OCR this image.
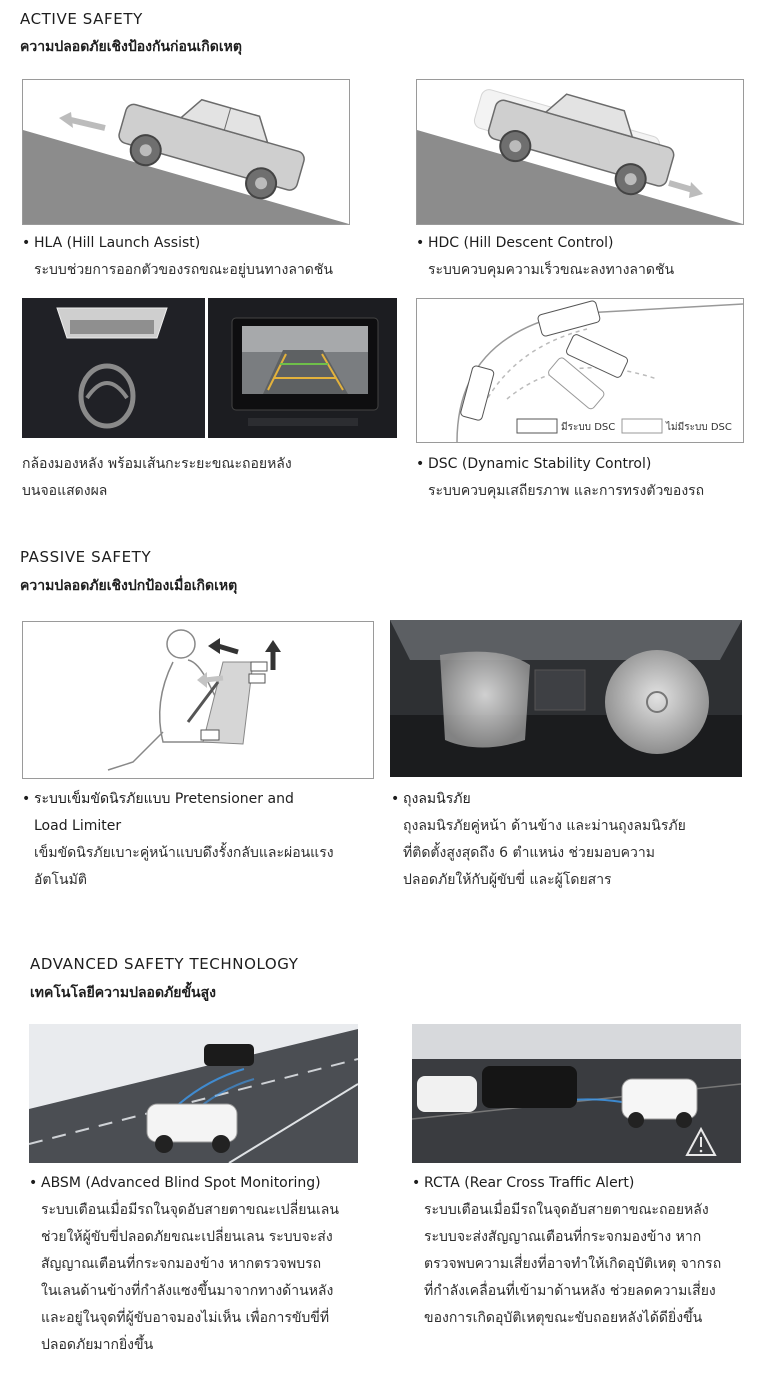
ACTIVE SAFETY
ความปลอดภัยเชิงป้องกันก่อนเกิดเหตุ
• HLA (Hill Launch Assist)
ระบบช่วยการออกตัวของรถขณะอยู่บนทางลาดชัน
• HDC (Hill Descent Control)
ระบบควบคุมความเร็วขณะลงทางลาดชัน
มีระบบ DSC	ไม่มีระบบ DSC
กล้องมองหลัง พร้อมเส้นกะระยะขณะถอยหลัง
บนจอแสดงผล
• DSC (Dynamic Stability Control)
ระบบควบคุมเสถียรภาพ และการทรงตัวของรถ
PASSIVE SAFETY
ความปลอดภัยเชิงปกป้องเมื่อเกิดเหตุ
• ระบบเข็มขัดนิรภัยแบบ Pretensioner and
Load Limiter
เข็มขัดนิรภัยเบาะคู่หน้าแบบดึงรั้งกลับและผ่อนแรง
อัตโนมัติ
• ถุงลมนิรภัย
ถุงลมนิรภัยคู่หน้า ด้านข้าง และม่านถุงลมนิรภัย
ที่ติดตั้งสูงสุดถึง 6 ตำแหน่ง ช่วยมอบความ
ปลอดภัยให้กับผู้ขับขี่ และผู้โดยสาร
ADVANCED SAFETY TECHNOLOGY
เทคโนโลยีความปลอดภัยขั้นสูง
• ABSM (Advanced Blind Spot Monitoring)
ระบบเตือนเมื่อมีรถในจุดอับสายตาขณะเปลี่ยนเลน
ช่วยให้ผู้ขับขี่ปลอดภัยขณะเปลี่ยนเลน ระบบจะส่ง
สัญญาณเตือนที่กระจกมองข้าง หากตรวจพบรถ
ในเลนด้านข้างที่กำลังแซงขึ้นมาจากทางด้านหลัง
และอยู่ในจุดที่ผู้ขับอาจมองไม่เห็น เพื่อการขับขี่ที่
ปลอดภัยมากยิ่งขึ้น
• RCTA (Rear Cross Traffic Alert)
ระบบเตือนเมื่อมีรถในจุดอับสายตาขณะถอยหลัง
ระบบจะส่งสัญญาณเตือนที่กระจกมองข้าง หาก
ตรวจพบความเสี่ยงที่อาจทำให้เกิดอุบัติเหตุ จากรถ
ที่กำลังเคลื่อนที่เข้ามาด้านหลัง ช่วยลดความเสี่ยง
ของการเกิดอุบัติเหตุขณะขับถอยหลังได้ดียิ่งขึ้น
